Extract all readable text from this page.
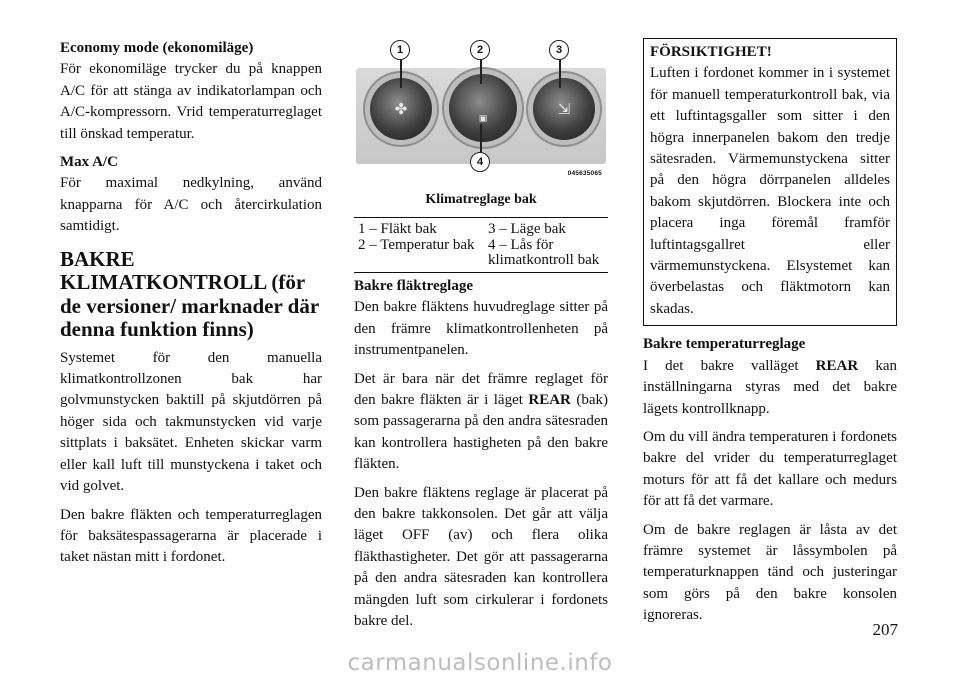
Economy mode (ekonomiläge)
För ekonomiläge trycker du på knappen A/C för att stänga av indikatorlampan och A/C-kompressorn. Vrid temperaturreglaget till önskad temperatur.

Max A/C
För maximal nedkylning, använd knapparna för A/C och återcirkulation samtidigt.

BAKRE KLIMATKONTROLL (för de versioner/ marknader där denna funktion finns)

Systemet för den manuella klimatkontrollzonen bak har golvmunstycken baktill på skjutdörren på höger sida och takmunstycken vid varje sittplats i baksätet. Enheten skickar varm eller kall luft till munstyckena i taket och vid golvet.

Den bakre fläkten och temperaturreglagen för baksätespassagerarna är placerade i taket nästan mitt i fordonet.

✤
▣
⇲
1	2	3
4
045635065
Klimatreglage bak
1 – Fläkt bak	3 – Läge bak
2 – Temperatur bak 4 – Lås för klimatkontroll bak

Bakre fläktreglage
Den bakre fläktens huvudreglage sitter på den främre klimatkontrollenheten på instrumentpanelen.

Det är bara när det främre reglaget för den bakre fläkten är i läget REAR (bak) som passagerarna på den andra sätesraden kan kontrollera hastigheten på den bakre fläkten.

Den bakre fläktens reglage är placerat på den bakre takkonsolen. Det går att välja läget OFF (av) och flera olika fläkthastigheter. Det gör att passagerarna på den andra sätesraden kan kontrollera mängden luft som cirkulerar i fordonets bakre del.

FÖRSIKTIGHET!
Luften i fordonet kommer in i systemet för manuell temperaturkontroll bak, via ett luftintagsgaller som sitter i den högra innerpanelen bakom den tredje sätesraden. Värmemunstyckena sitter på den högra dörrpanelen alldeles bakom skjutdörren. Blockera inte och placera inga föremål framför luftintagsgallret eller värmemunstyckena. Elsystemet kan överbelastas och fläktmotorn kan skadas.

Bakre temperaturreglage
I det bakre valläget REAR kan inställningarna styras med det bakre lägets kontrollknapp.

Om du vill ändra temperaturen i fordonets bakre del vrider du temperaturreglaget moturs för att få det kallare och medurs för att få det varmare.

Om de bakre reglagen är låsta av det främre systemet är låssymbolen på temperaturknappen tänd och justeringar som görs på den bakre konsolen ignoreras.

207
carmanualsonline.info
